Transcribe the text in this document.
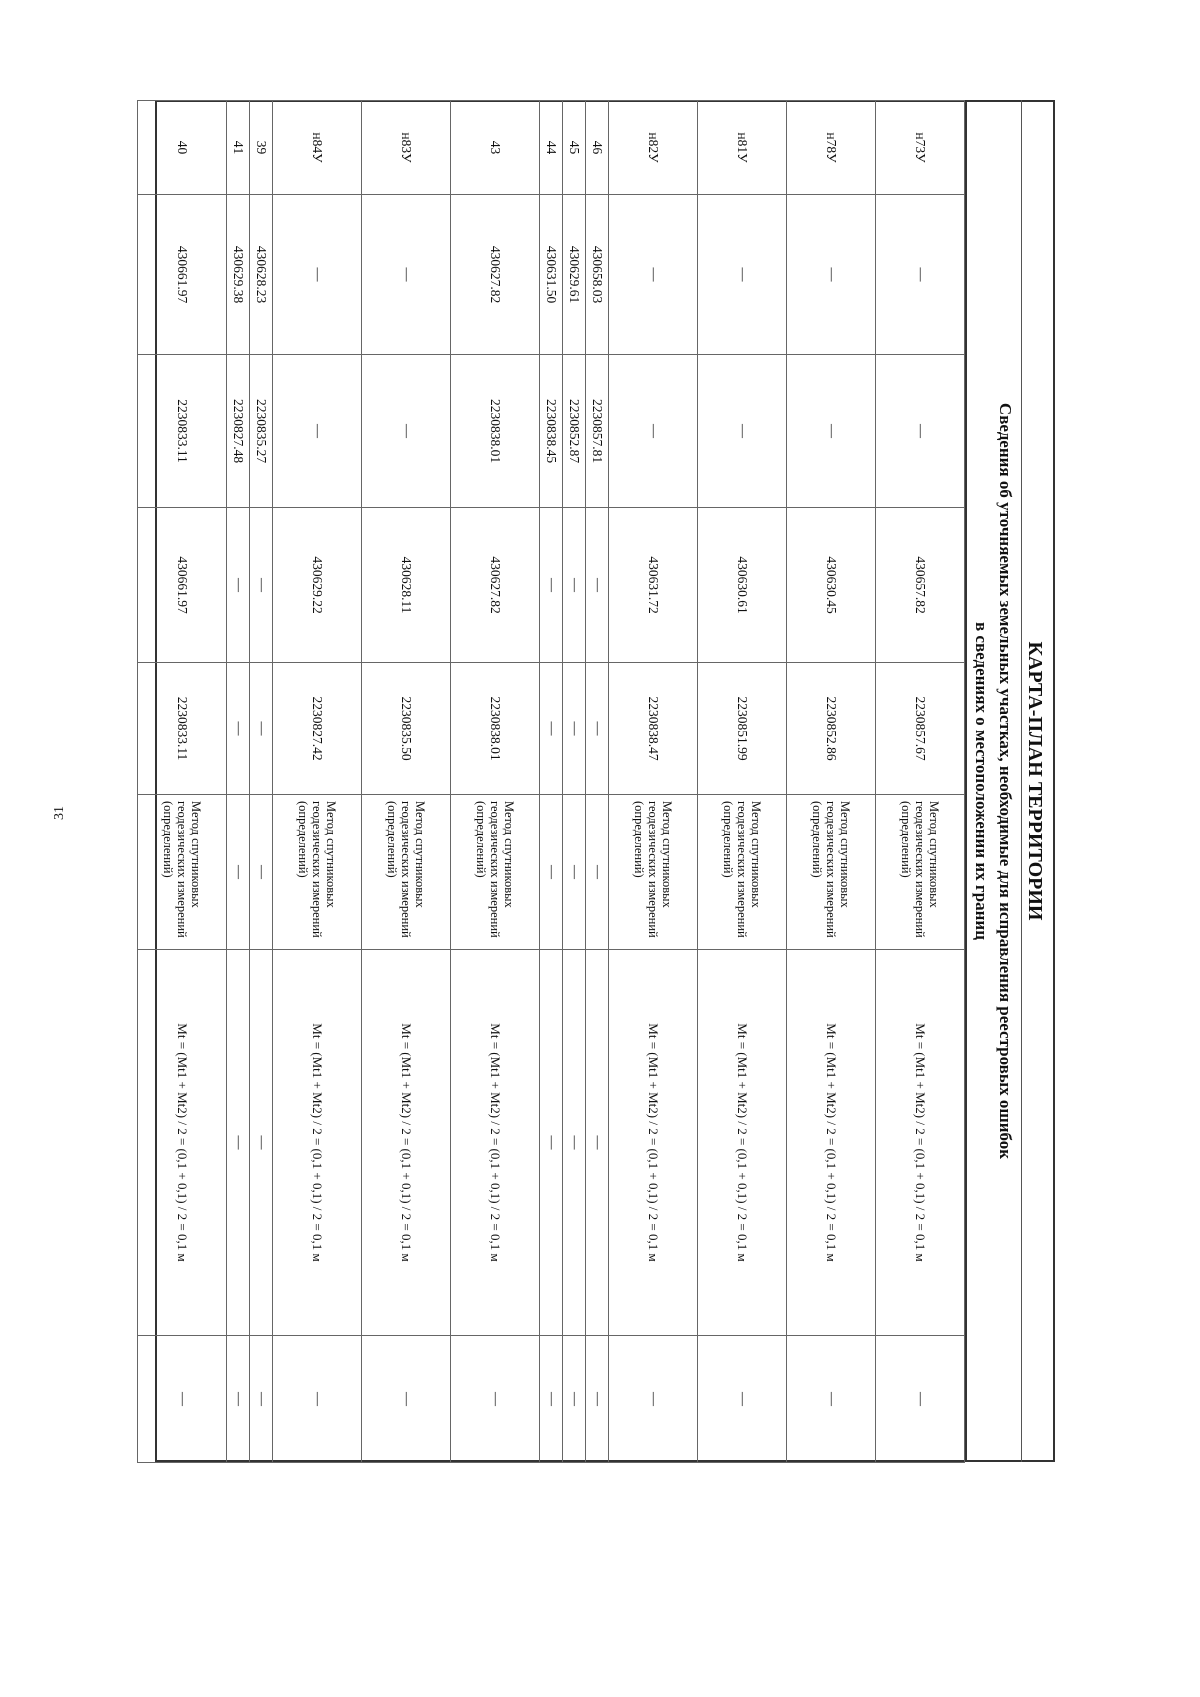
31	КАРТА-ПЛАН ТЕРРИТОРИИ
Сведения об уточняемых земельных участках, необходимые для исправления реестровых ошибок
в сведениях о местоположении их границ
н73У	—	—	430657.82	2230857.67	Метод спутниковых геодезических измерений (определений)	Mt = (Mt1 + Mt2) / 2 = (0,1 + 0,1) / 2 = 0,1 м	—
н78У	—	—	430630.45	2230852.86	Метод спутниковых геодезических измерений (определений)	Mt = (Mt1 + Mt2) / 2 = (0,1 + 0,1) / 2 = 0,1 м	—
н81У	—	—	430630.61	2230851.99	Метод спутниковых геодезических измерений (определений)	Mt = (Mt1 + Mt2) / 2 = (0,1 + 0,1) / 2 = 0,1 м	—
н82У	—	—	430631.72	2230838.47	Метод спутниковых геодезических измерений (определений)	Mt = (Mt1 + Mt2) / 2 = (0,1 + 0,1) / 2 = 0,1 м	—
46	430658.03	2230857.81	—	—	—	—	—
45	430629.61	2230852.87	—	—	—	—	—
44	430631.50	2230838.45	—	—	—	—	—
43	430627.82	2230838.01	430627.82	2230838.01	Метод спутниковых геодезических измерений (определений)	Mt = (Mt1 + Mt2) / 2 = (0,1 + 0,1) / 2 = 0,1 м	—
н83У	—	—	430628.11	2230835.50	Метод спутниковых геодезических измерений (определений)	Mt = (Mt1 + Mt2) / 2 = (0,1 + 0,1) / 2 = 0,1 м	—
н84У	—	—	430629.22	2230827.42	Метод спутниковых геодезических измерений (определений)	Mt = (Mt1 + Mt2) / 2 = (0,1 + 0,1) / 2 = 0,1 м	—
39	430628.23	2230835.27	—	—	—	—	—
41	430629.38	2230827.48	—	—	—	—	—
40	430661.97	2230833.11	430661.97	2230833.11	Метод спутниковых геодезических измерений (определений)	Mt = (Mt1 + Mt2) / 2 = (0,1 + 0,1) / 2 = 0,1 м	—
